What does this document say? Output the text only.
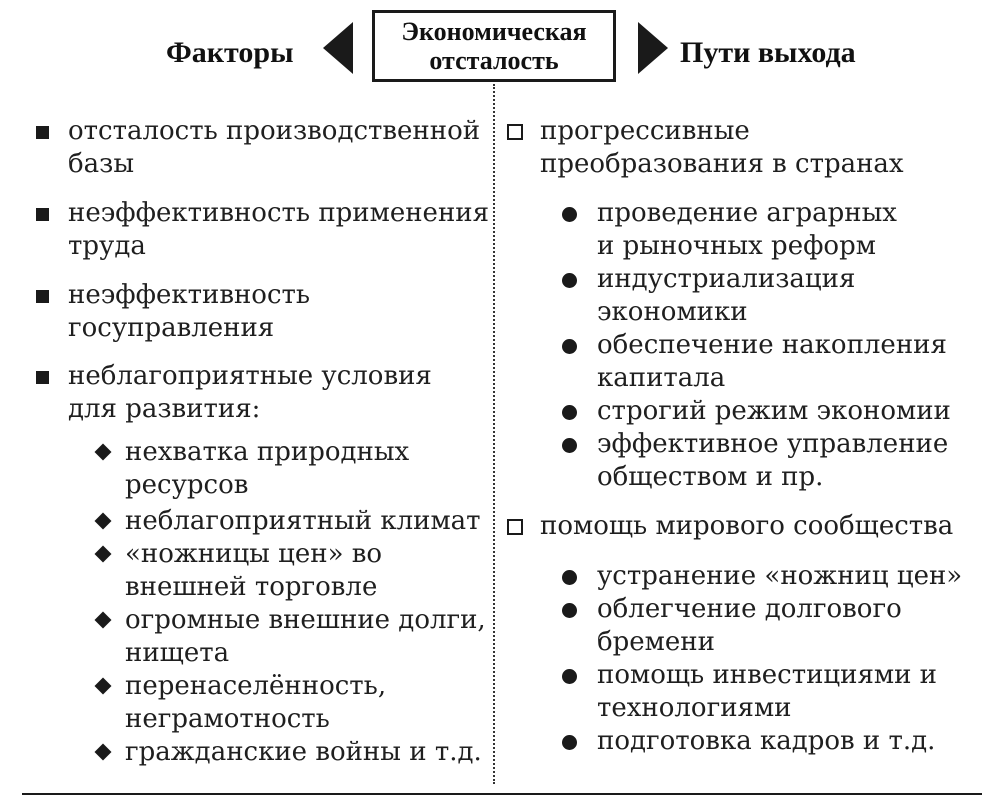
Факторы
Экономическая
отсталость	Пути выхода
отсталость производственной
базы
неэффективность применения
труда
неэффективность
госуправления
неблагоприятные условия
для развития:
нехватка природных
ресурсов
неблагоприятный климат
«ножницы цен» во
внешней торговле
огромные внешние долги,
нищета
перенаселённость,
неграмотность
гражданские войны и т.д.
прогрессивные
преобразования в странах
проведение аграрных
и рыночных реформ
индустриализация
экономики
обеспечение накопления
капитала
строгий режим экономии
эффективное управление
обществом и пр.
помощь мирового сообщества
устранение «ножниц цен»
облегчение долгового
бремени
помощь инвестициями и
технологиями
подготовка кадров и т.д.
